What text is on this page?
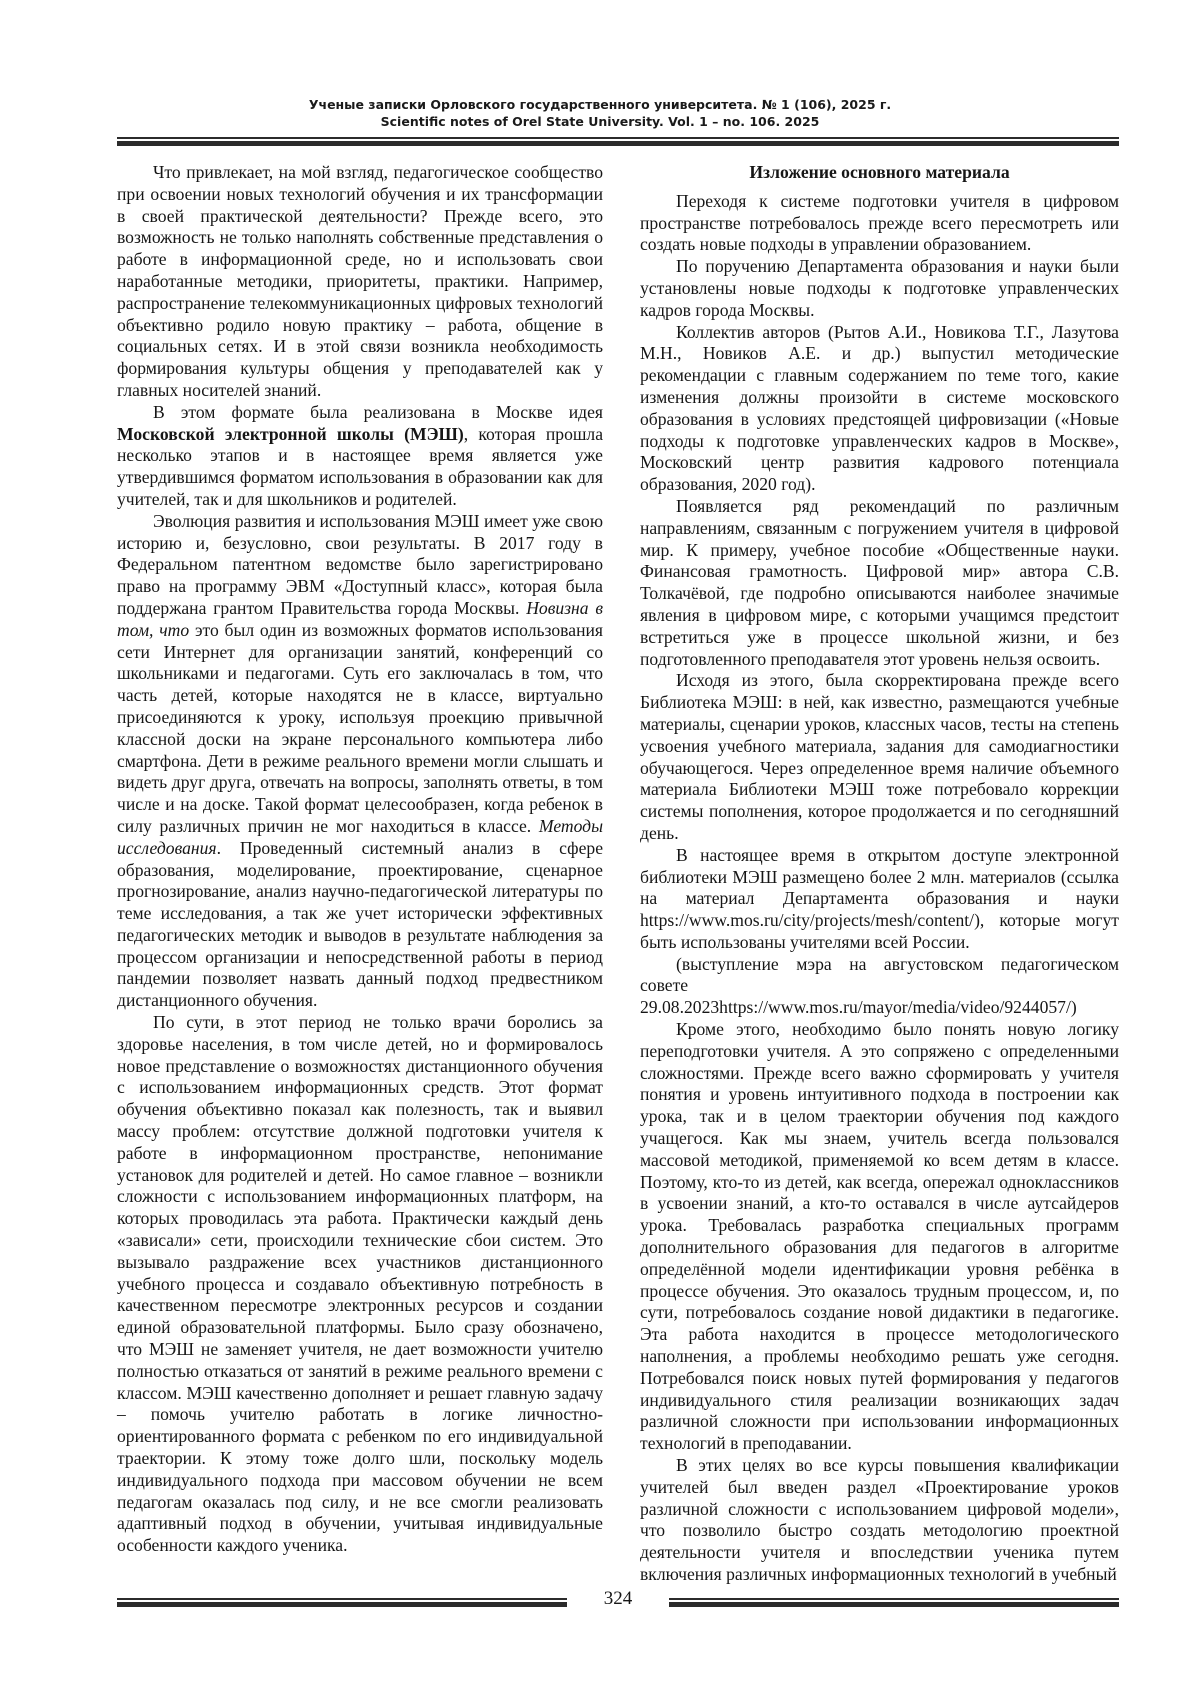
Ученые записки Орловского государственного университета. № 1 (106), 2025 г.
Scientific notes of Orel State University. Vol. 1 – no. 106. 2025

Что привлекает, на мой взгляд, педагогическое сообщество при освоении новых технологий обучения и их трансформации в своей практической деятельности? Прежде всего, это возможность не только наполнять собственные представления о работе в информационной среде, но и использовать свои наработанные методики, приоритеты, практики. Например, распространение телекоммуникационных цифровых технологий объективно родило новую практику – работа, общение в социальных сетях. И в этой связи возникла необходимость формирования культуры общения у преподавателей как у главных носителей знаний.

В этом формате была реализована в Москве идея Московской электронной школы (МЭШ), которая прошла несколько этапов и в настоящее время является уже утвердившимся форматом использования в образовании как для учителей, так и для школьников и родителей.

Эволюция развития и использования МЭШ имеет уже свою историю и, безусловно, свои результаты. В 2017 году в Федеральном патентном ведомстве было зарегистрировано право на программу ЭВМ «Доступный класс», которая была поддержана грантом Правительства города Москвы. Новизна в том, что это был один из возможных форматов использования сети Интернет для организации занятий, конференций со школьниками и педагогами. Суть его заключалась в том, что часть детей, которые находятся не в классе, виртуально присоединяются к уроку, используя проекцию привычной классной доски на экране персонального компьютера либо смартфона. Дети в режиме реального времени могли слышать и видеть друг друга, отвечать на вопросы, заполнять ответы, в том числе и на доске. Такой формат целесообразен, когда ребенок в силу различных причин не мог находиться в классе. Методы исследования. Проведенный системный анализ в сфере образования, моделирование, проектирование, сценарное прогнозирование, анализ научно-педагогической литературы по теме исследования, а так же учет исторически эффективных педагогических методик и выводов в результате наблюдения за процессом организации и непосредственной работы в период пандемии позволяет назвать данный подход предвестником дистанционного обучения.

По сути, в этот период не только врачи боролись за здоровье населения, в том числе детей, но и формировалось новое представление о возможностях дистанционного обучения с использованием информационных средств. Этот формат обучения объективно показал как полезность, так и выявил массу проблем: отсутствие должной подготовки учителя к работе в информационном пространстве, непонимание установок для родителей и детей. Но самое главное – возникли сложности с использованием информационных платформ, на которых проводилась эта работа. Практически каждый день «зависали» сети, происходили технические сбои систем. Это вызывало раздражение всех участников дистанционного учебного процесса и создавало объективную потребность в качественном пересмотре электронных ресурсов и создании единой образовательной платформы. Было сразу обозначено, что МЭШ не заменяет учителя, не дает возможности учителю полностью отказаться от занятий в режиме реального времени с классом. МЭШ качественно дополняет и решает главную задачу – помочь учителю работать в логике личностно-ориентированного формата с ребенком по его индивидуальной траектории. К этому тоже долго шли, поскольку модель индивидуального подхода при массовом обучении не всем педагогам оказалась под силу, и не все смогли реализовать адаптивный подход в обучении, учитывая индивидуальные особенности каждого ученика.

Изложение основного материала

Переходя к системе подготовки учителя в цифровом пространстве потребовалось прежде всего пересмотреть или создать новые подходы в управлении образованием.

По поручению Департамента образования и науки были установлены новые подходы к подготовке управленческих кадров города Москвы.

Коллектив авторов (Рытов А.И., Новикова Т.Г., Лазутова М.Н., Новиков А.Е. и др.) выпустил методические рекомендации с главным содержанием по теме того, какие изменения должны произойти в системе московского образования в условиях предстоящей цифровизации («Новые подходы к подготовке управленческих кадров в Москве», Московский центр развития кадрового потенциала образования, 2020 год).

Появляется ряд рекомендаций по различным направлениям, связанным с погружением учителя в цифровой мир. К примеру, учебное пособие «Общественные науки. Финансовая грамотность. Цифровой мир» автора С.В. Толкачёвой, где подробно описываются наиболее значимые явления в цифровом мире, с которыми учащимся предстоит встретиться уже в процессе школьной жизни, и без подготовленного преподавателя этот уровень нельзя освоить.

Исходя из этого, была скорректирована прежде всего Библиотека МЭШ: в ней, как известно, размещаются учебные материалы, сценарии уроков, классных часов, тесты на степень усвоения учебного материала, задания для самодиагностики обучающегося. Через определенное время наличие объемного материала Библиотеки МЭШ тоже потребовало коррекции системы пополнения, которое продолжается и по сегодняшний день.

В настоящее время в открытом доступе электронной библиотеки МЭШ размещено более 2 млн. материалов (ссылка на материал Департамента образования и науки https://www.mos.ru/city/projects/mesh/content/), которые могут быть использованы учителями всей России.

(выступление мэра на августовском педагогическом совете 29.08.2023https://www.mos.ru/mayor/media/video/9244057/)

Кроме этого, необходимо было понять новую логику переподготовки учителя. А это сопряжено с определенными сложностями. Прежде всего важно сформировать у учителя понятия и уровень интуитивного подхода в построении как урока, так и в целом траектории обучения под каждого учащегося. Как мы знаем, учитель всегда пользовался массовой методикой, применяемой ко всем детям в классе. Поэтому, кто-то из детей, как всегда, опережал одноклассников в усвоении знаний, а кто-то оставался в числе аутсайдеров урока. Требовалась разработка специальных программ дополнительного образования для педагогов в алгоритме определённой модели идентификации уровня ребёнка в процессе обучения. Это оказалось трудным процессом, и, по сути, потребовалось создание новой дидактики в педагогике. Эта работа находится в процессе методологического наполнения, а проблемы необходимо решать уже сегодня. Потребовался поиск новых путей формирования у педагогов индивидуального стиля реализации возникающих задач различной сложности при использовании информационных технологий в преподавании.

В этих целях во все курсы повышения квалификации учителей был введен раздел «Проектирование уроков различной сложности с использованием цифровой модели», что позволило быстро создать методологию проектной деятельности учителя и впоследствии ученика путем включения различных информационных технологий в учебный

324
